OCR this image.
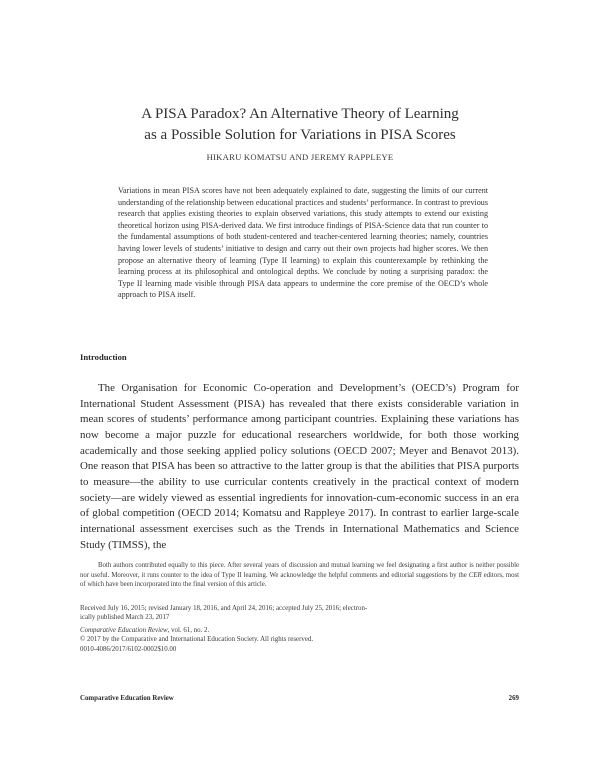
A PISA Paradox? An Alternative Theory of Learning
as a Possible Solution for Variations in PISA Scores
HIKARU KOMATSU AND JEREMY RAPPLEYE
Variations in mean PISA scores have not been adequately explained to date, suggesting the limits of our current understanding of the relationship between educational practices and students’ performance. In contrast to previous research that applies existing theories to explain observed variations, this study attempts to extend our existing theoretical horizon using PISA-derived data. We first introduce findings of PISA-Science data that run counter to the fundamental assumptions of both student-centered and teacher-centered learning theories; namely, countries having lower levels of students’ initiative to design and carry out their own projects had higher scores. We then propose an alternative theory of learning (Type II learning) to explain this counterexample by rethinking the learning process at its philosophical and ontological depths. We conclude by noting a surprising paradox: the Type II learning made visible through PISA data appears to undermine the core premise of the OECD’s whole approach to PISA itself.
Introduction

The Organisation for Economic Co-operation and Development’s (OECD’s) Program for International Student Assessment (PISA) has revealed that there exists considerable variation in mean scores of students’ performance among participant countries. Explaining these variations has now become a major puzzle for educational researchers worldwide, for both those working academically and those seeking applied policy solutions (OECD 2007; Meyer and Benavot 2013). One reason that PISA has been so attractive to the latter group is that the abilities that PISA purports to measure—the ability to use curricular contents creatively in the practical context of modern society—are widely viewed as essential ingredients for innovation-cum-economic success in an era of global competition (OECD 2014; Komatsu and Rappleye 2017). In contrast to earlier large-scale international assessment exercises such as the Trends in International Mathematics and Science Study (TIMSS), the

Both authors contributed equally to this piece. After several years of discussion and mutual learning we feel designating a first author is neither possible nor useful. Moreover, it runs counter to the idea of Type II learning. We acknowledge the helpful comments and editorial suggestions by the CER editors, most of which have been incorporated into the final version of this article.

Received July 16, 2015; revised January 18, 2016, and April 24, 2016; accepted July 25, 2016; electron-
ically published March 23, 2017
Comparative Education Review, vol. 61, no. 2.
© 2017 by the Comparative and International Education Society. All rights reserved.
0010-4086/2017/6102-0002$10.00
Comparative Education Review	269
